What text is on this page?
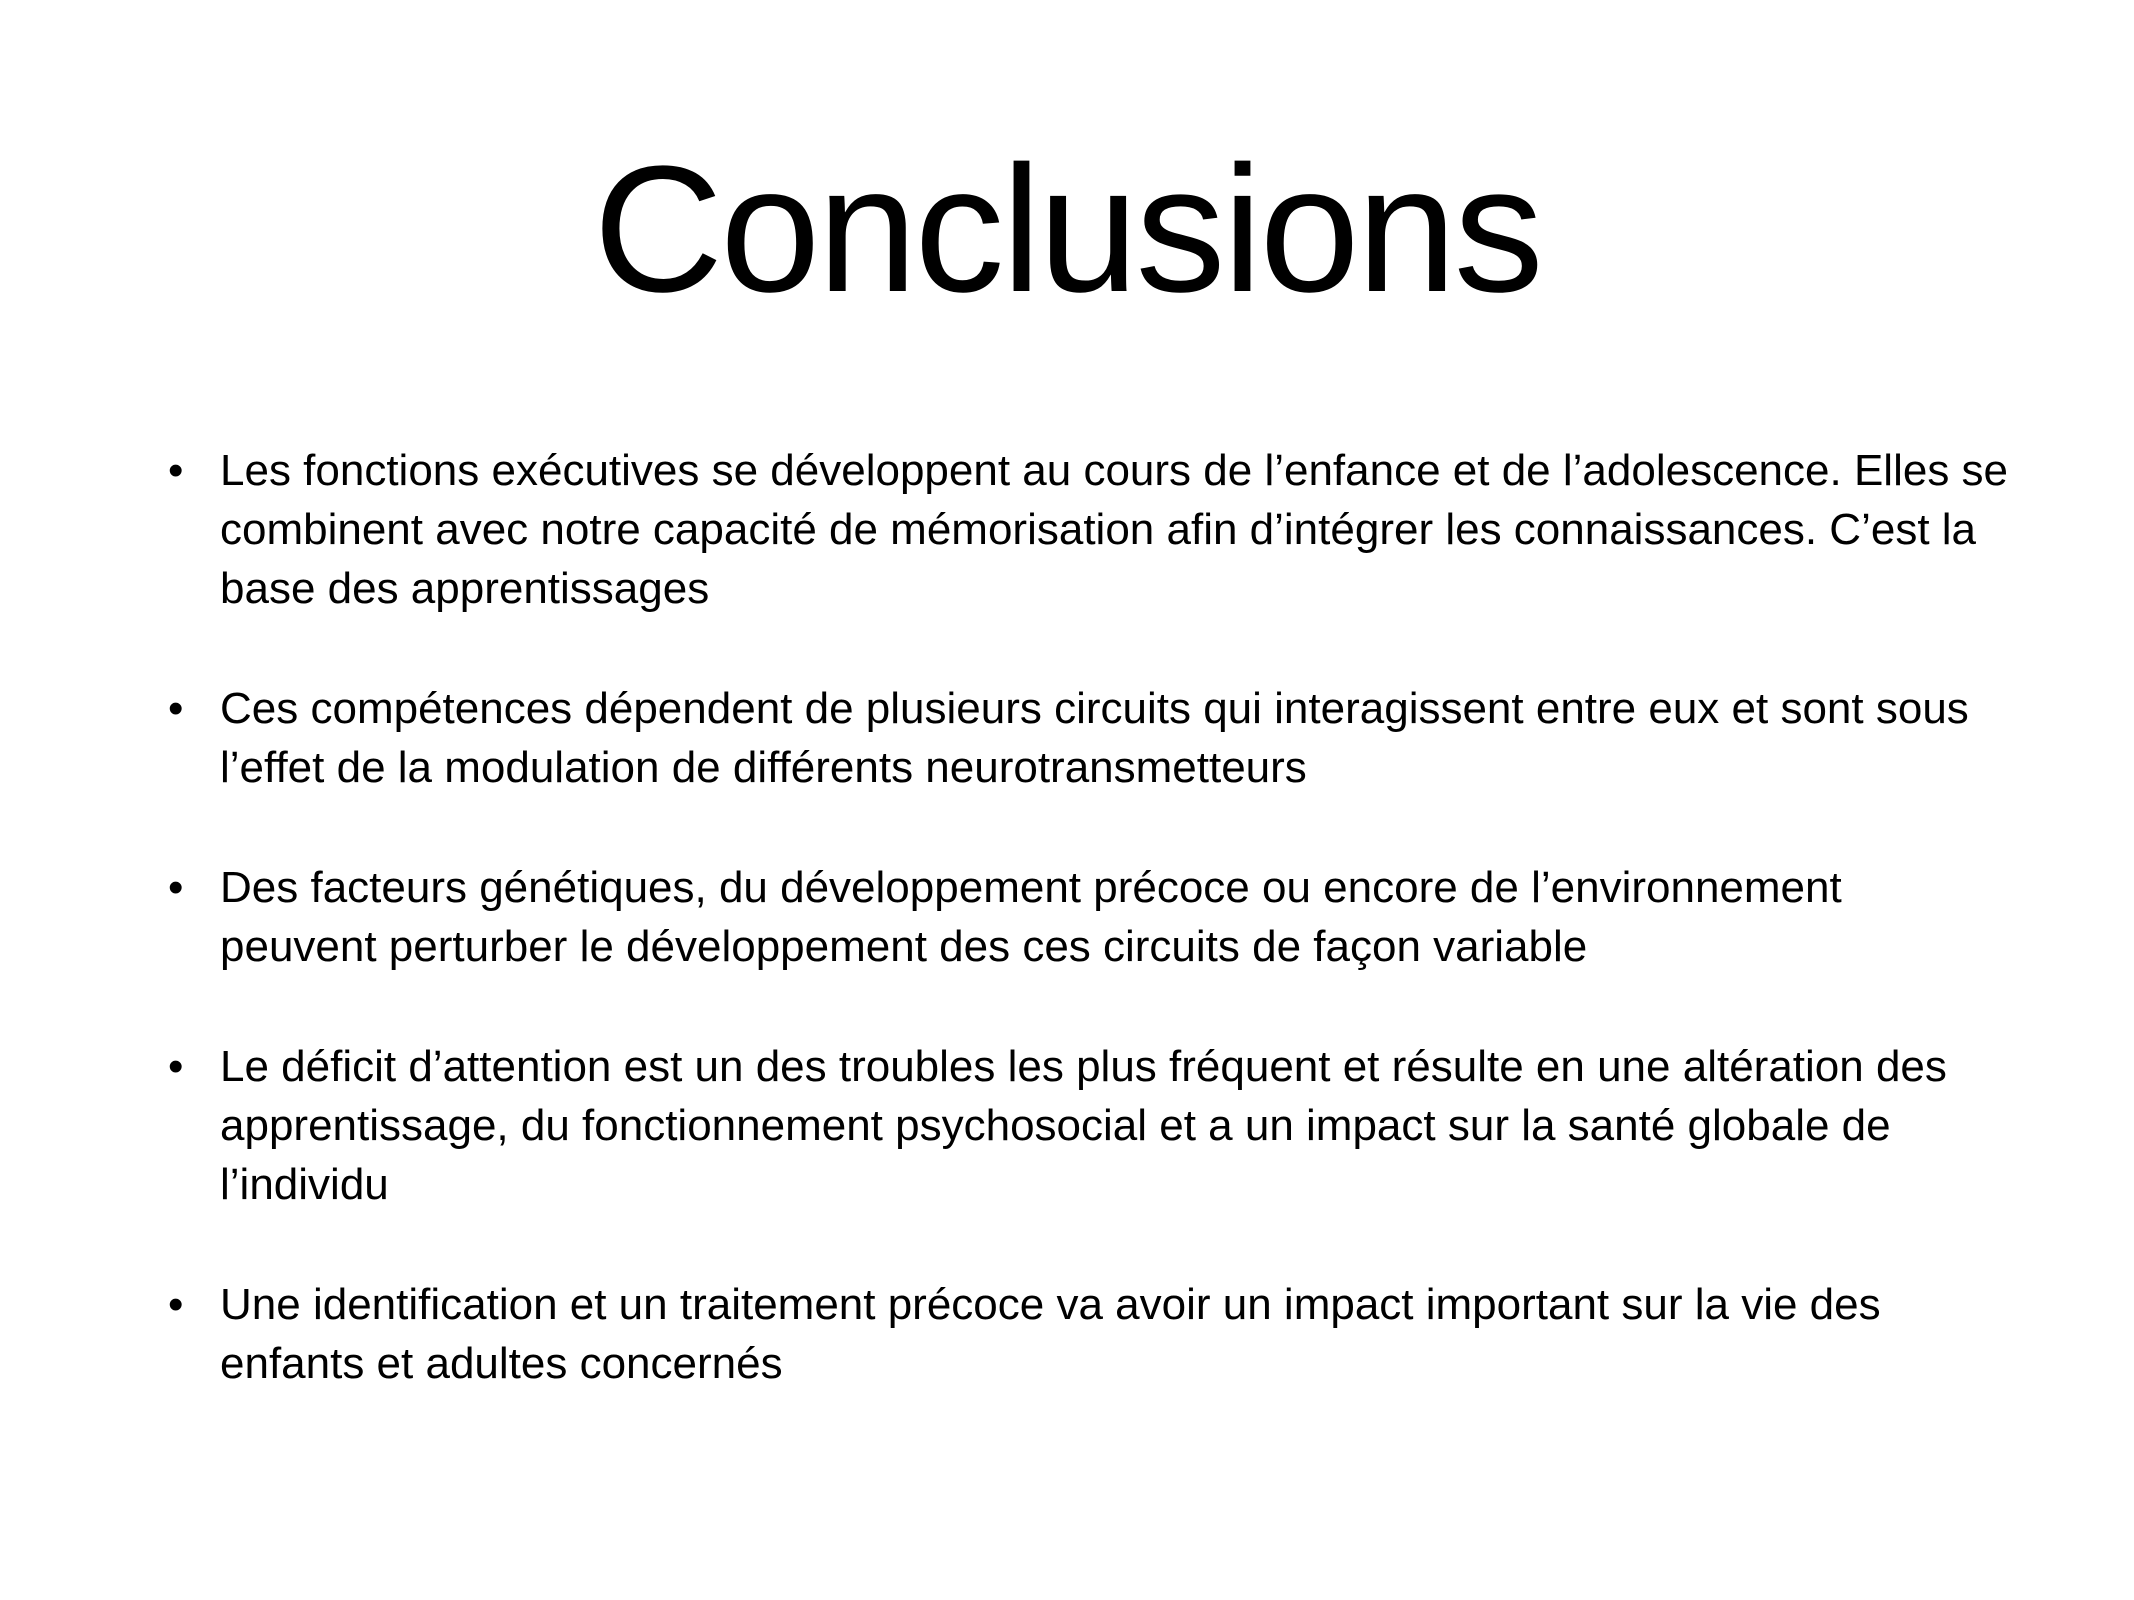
Conclusions
• Les fonctions exécutives se développent au cours de l’enfance et de l’adolescence. Elles se combinent avec notre capacité de mémorisation afin d’intégrer les connaissances. C’est la base des apprentissages
• Ces compétences dépendent de plusieurs circuits qui interagissent entre eux et sont sous l’effet de la modulation de différents neurotransmetteurs
• Des facteurs génétiques, du développement précoce ou encore de l’environnement peuvent perturber le développement des ces circuits de façon variable
• Le déficit d’attention est un des troubles les plus fréquent et résulte en une altération des apprentissage, du fonctionnement psychosocial et a un impact sur la santé globale de l’individu
• Une identification et un traitement précoce va avoir un impact important sur la vie des enfants et adultes concernés
